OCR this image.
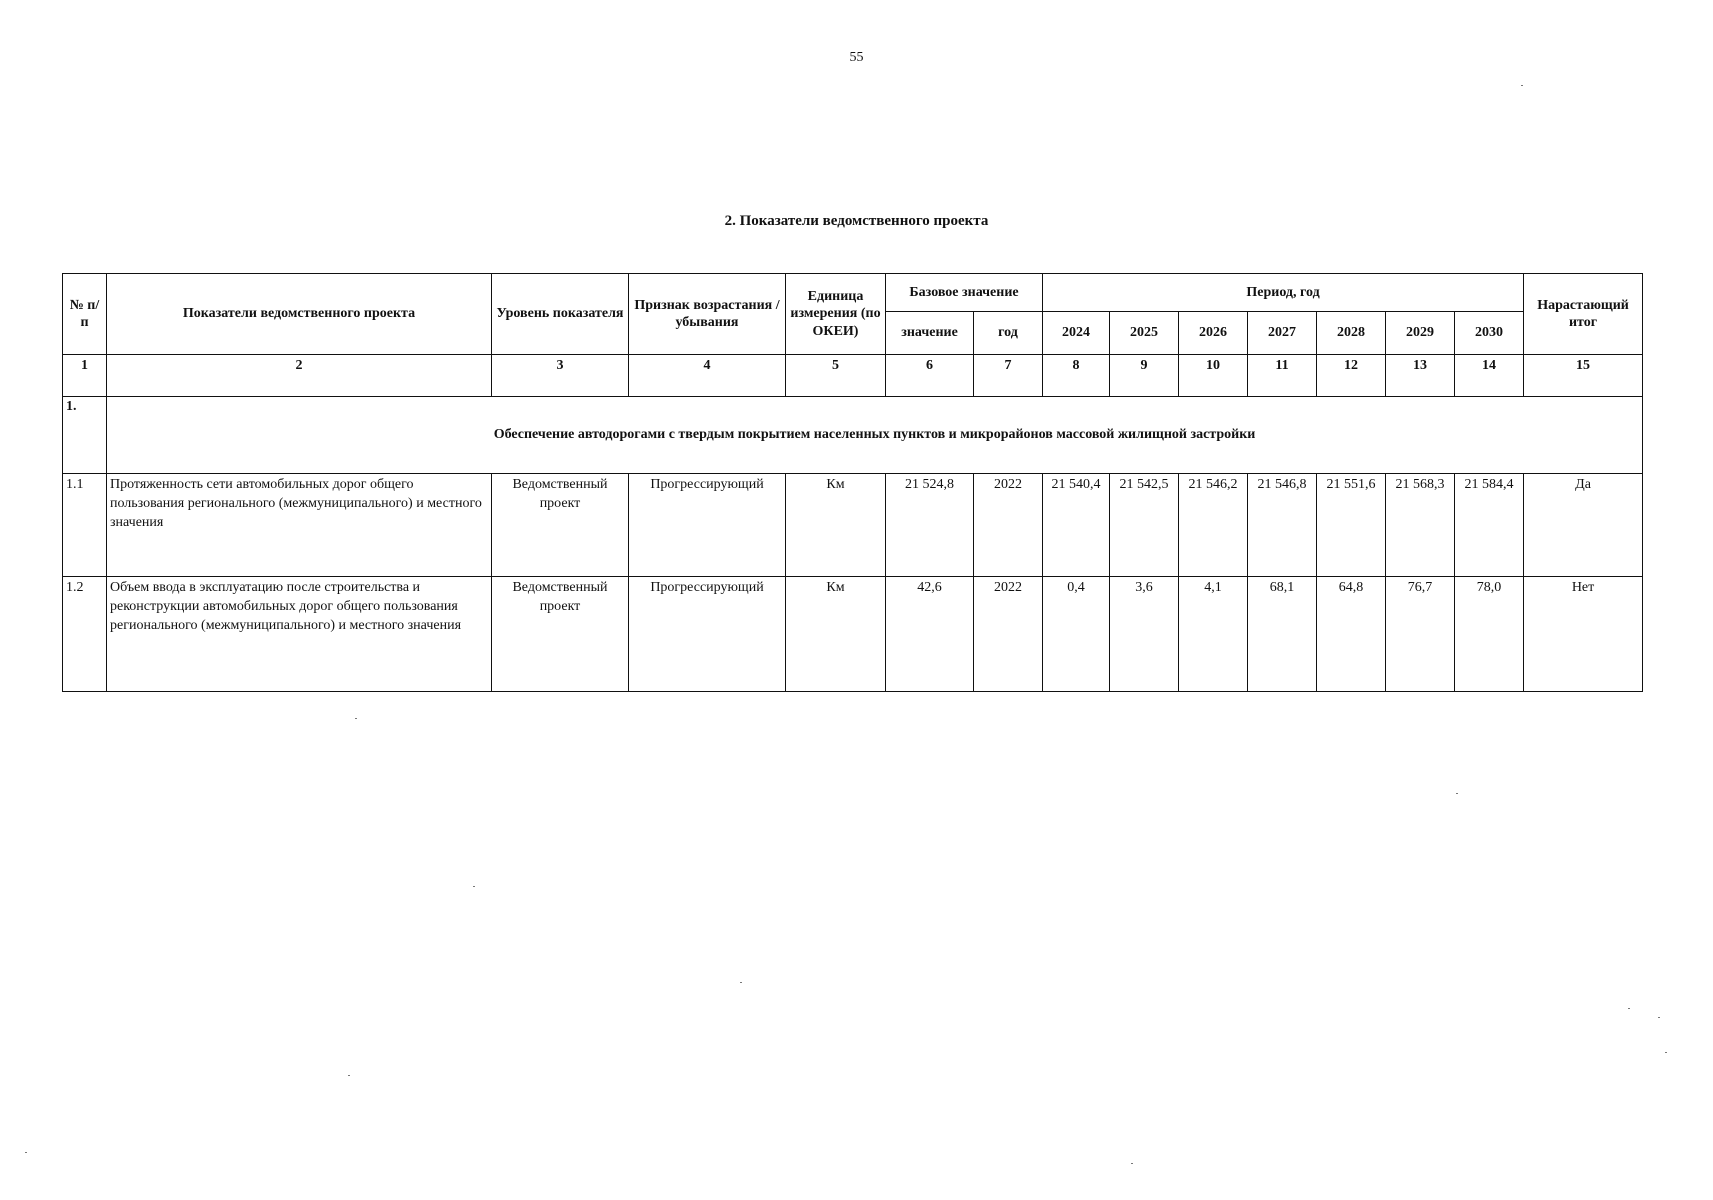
55
2. Показатели ведомственного проекта
№ п/п	Показатели ведомственного проекта	Уровень показателя	Признак возрастания / убывания	Единица измерения (по ОКЕИ)	Базовое значение		Период, год							Нарастающий итог
					значение	год	2024	2025	2026	2027	2028	2029	2030	
1	2	3	4	5	6	7	8	9	10	11	12	13	14	15
1.	Обеспечение автодорогами с твердым покрытием населенных пунктов и микрорайонов массовой жилищной застройки													
1.1	Протяженность сети автомобильных дорог общего пользования регионального (межмуниципального) и местного значения	Ведомственный проект	Прогрессирующий	Км	21 524,8	2022	21 540,4	21 542,5	21 546,2	21 546,8	21 551,6	21 568,3	21 584,4	Да
1.2	Объем ввода в эксплуатацию после строительства и реконструкции автомобильных дорог общего пользования регионального (межмуниципального) и местного значения	Ведомственный проект	Прогрессирующий	Км	42,6	2022	0,4	3,6	4,1	68,1	64,8	76,7	78,0	Нет
